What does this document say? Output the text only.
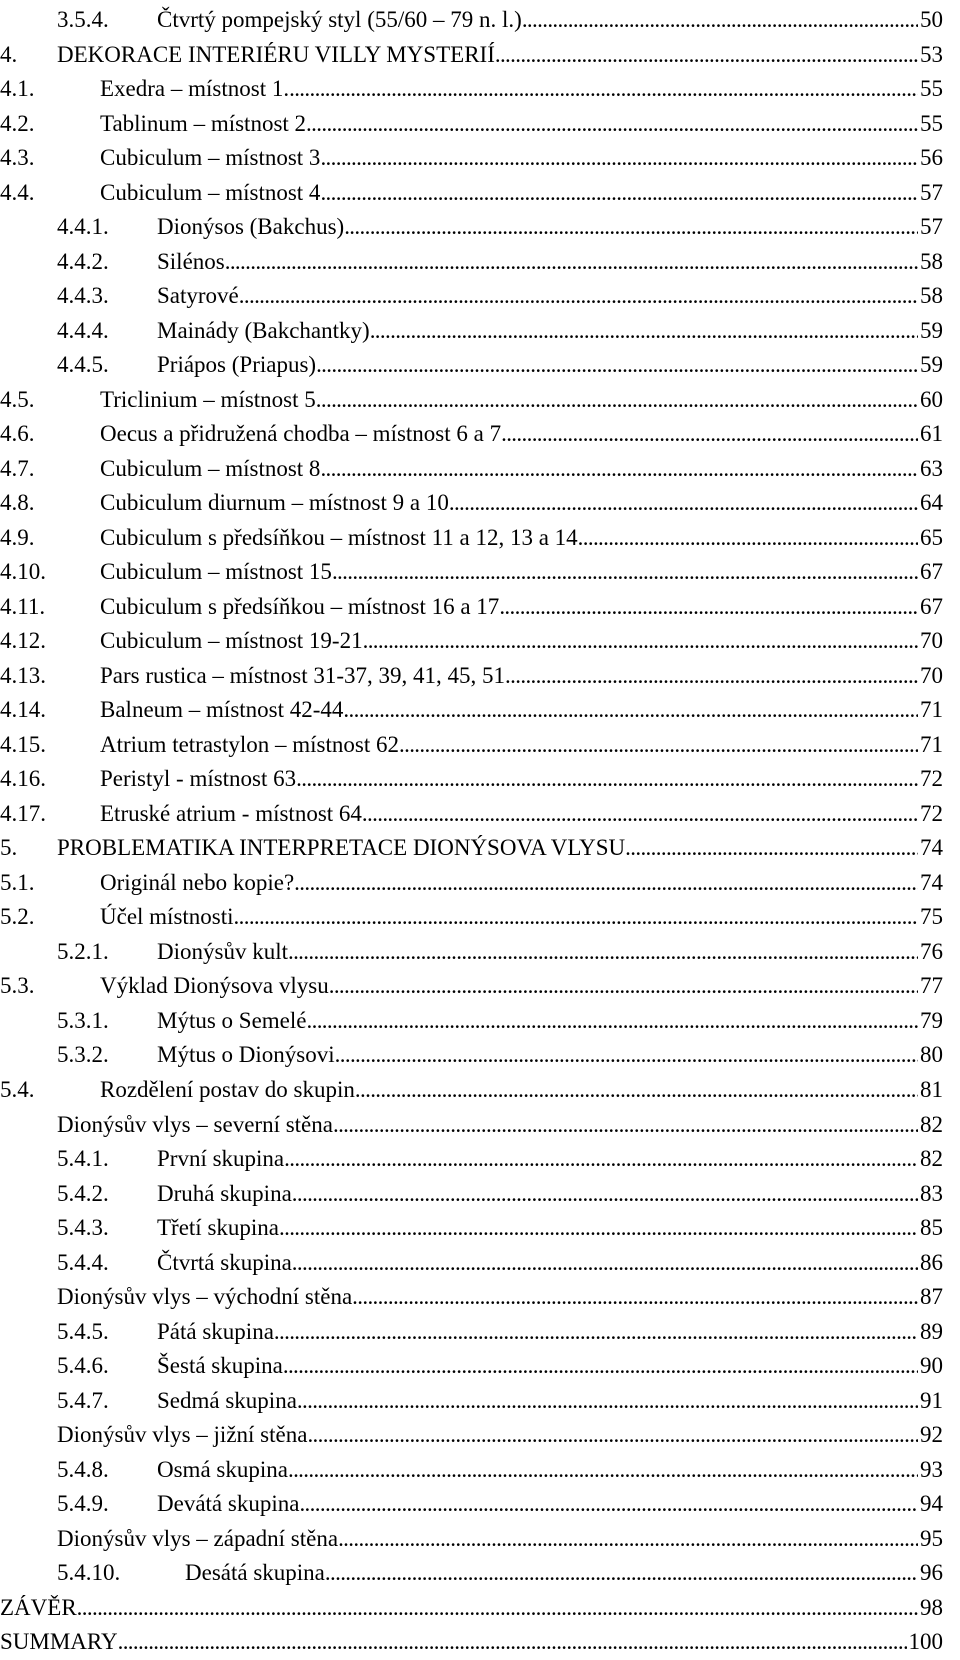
3.5.4.	Čtvrtý pompejský styl (55/60 – 79 n. l.) . . .	50
4.	DEKORACE INTERIÉRU VILLY MYSTERIÍ . . .	53
4.1.	Exedra – místnost 1. . . .	55
4.2.	Tablinum – místnost 2 . . .	55
4.3.	Cubiculum – místnost 3 . . .	56
4.4.	Cubiculum – místnost 4 . . .	57
4.4.1.	Dionýsos (Bakchus) . . .	57
4.4.2.	Silénos . . .	58
4.4.3.	Satyrové . . .	58
4.4.4.	Mainády (Bakchantky) . . .	59
4.4.5.	Priápos (Priapus) . . .	59
4.5.	Triclinium – místnost 5 . . .	60
4.6.	Oecus a přidružená chodba – místnost 6 a 7 . . .	61
4.7.	Cubiculum – místnost 8 . . .	63
4.8.	Cubiculum diurnum – místnost 9 a 10 . . .	64
4.9.	Cubiculum s předsíňkou – místnost 11 a 12, 13 a 14 . . .	65
4.10.	Cubiculum – místnost 15 . . .	67
4.11.	Cubiculum s předsíňkou – místnost 16 a 17 . . .	67
4.12.	Cubiculum – místnost 19-21 . . .	70
4.13.	Pars rustica – místnost 31-37, 39, 41, 45, 51 . . .	70
4.14.	Balneum – místnost 42-44 . . .	71
4.15.	Atrium tetrastylon – místnost 62 . . .	71
4.16.	Peristyl - místnost 63 . . .	72
4.17.	Etruské atrium - místnost 64 . . .	72
5.	PROBLEMATIKA INTERPRETACE DIONÝSOVA VLYSU . . .	74
5.1.	Originál nebo kopie? . . .	74
5.2.	Účel místnosti . . .	75
5.2.1.	Dionýsův kult . . .	76
5.3.	Výklad Dionýsova vlysu . . .	77
5.3.1.	Mýtus o Semelé . . .	79
5.3.2.	Mýtus o Dionýsovi . . .	80
5.4.	Rozdělení postav do skupin . . .	81
Dionýsův vlys – severní stěna . . .	82
5.4.1.	První skupina . . .	82
5.4.2.	Druhá skupina . . .	83
5.4.3.	Třetí skupina . . .	85
5.4.4.	Čtvrtá skupina . . .	86
Dionýsův vlys – východní stěna . . .	87
5.4.5.	Pátá skupina . . .	89
5.4.6.	Šestá skupina . . .	90
5.4.7.	Sedmá skupina . . .	91
Dionýsův vlys – jižní stěna . . .	92
5.4.8.	Osmá skupina . . .	93
5.4.9.	Devátá skupina . . .	94
Dionýsův vlys – západní stěna . . .	95
5.4.10.	Desátá skupina . . .	96
ZÁVĚR . . .	98
SUMMARY . . .	100
